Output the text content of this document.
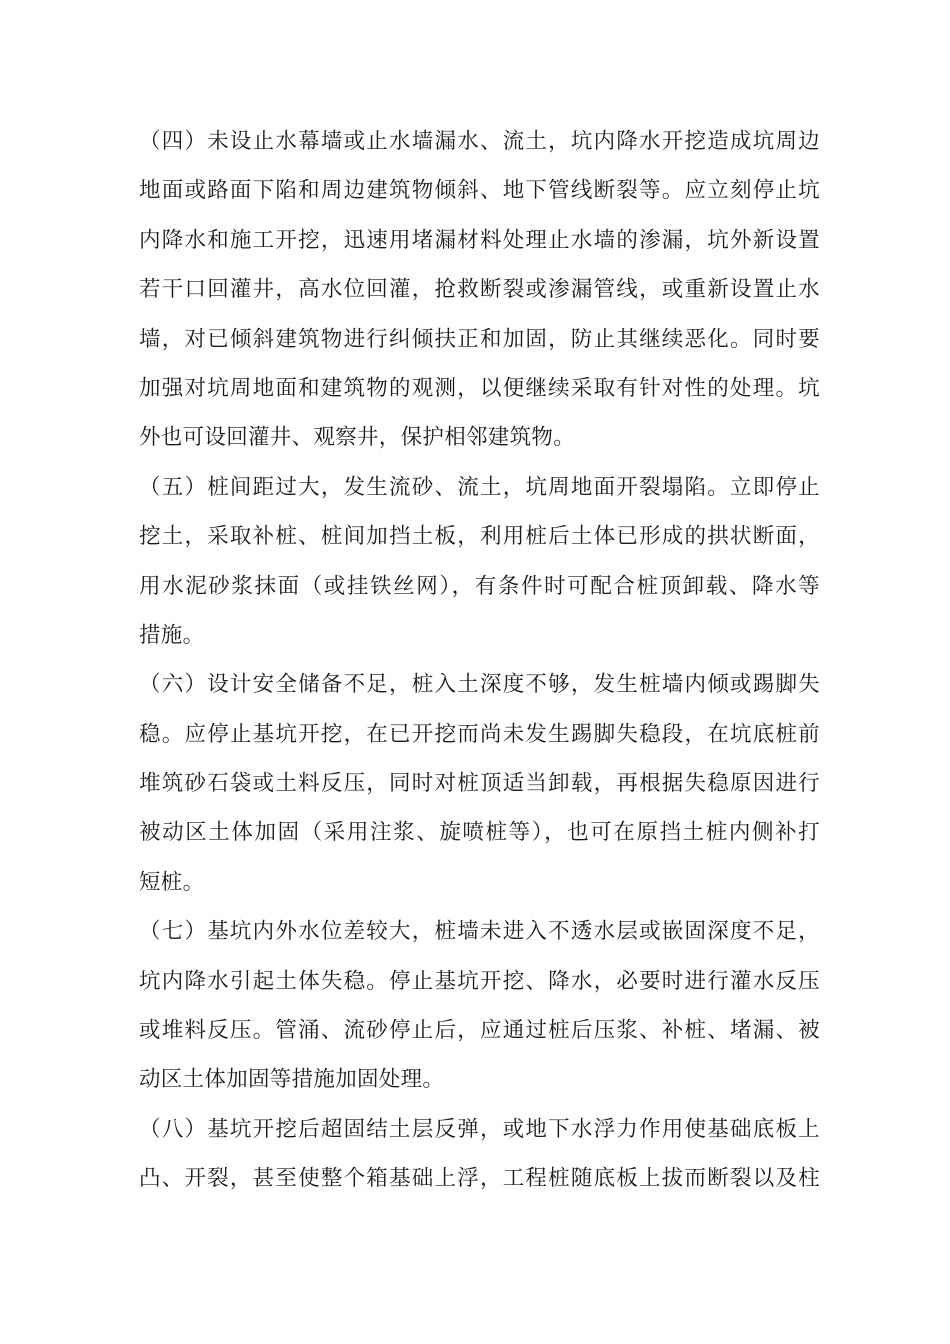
（四）未设止水幕墙或止水墙漏水、流土，坑内降水开挖造成坑周边
地面或路面下陷和周边建筑物倾斜、地下管线断裂等。应立刻停止坑
内降水和施工开挖，迅速用堵漏材料处理止水墙的渗漏，坑外新设置
若干口回灌井，高水位回灌，抢救断裂或渗漏管线，或重新设置止水
墙，对已倾斜建筑物进行纠倾扶正和加固，防止其继续恶化。同时要
加强对坑周地面和建筑物的观测，以便继续采取有针对性的处理。坑
外也可设回灌井、观察井，保护相邻建筑物。

（五）桩间距过大，发生流砂、流土，坑周地面开裂塌陷。立即停止
挖土，采取补桩、桩间加挡土板，利用桩后土体已形成的拱状断面，
用水泥砂浆抹面（或挂铁丝网），有条件时可配合桩顶卸载、降水等
措施。

（六）设计安全储备不足，桩入土深度不够，发生桩墙内倾或踢脚失
稳。应停止基坑开挖，在已开挖而尚未发生踢脚失稳段，在坑底桩前
堆筑砂石袋或土料反压，同时对桩顶适当卸载，再根据失稳原因进行
被动区土体加固（采用注浆、旋喷桩等），也可在原挡土桩内侧补打
短桩。

（七）基坑内外水位差较大，桩墙未进入不透水层或嵌固深度不足，
坑内降水引起土体失稳。停止基坑开挖、降水，必要时进行灌水反压
或堆料反压。管涌、流砂停止后，应通过桩后压浆、补桩、堵漏、被
动区土体加固等措施加固处理。

（八）基坑开挖后超固结土层反弹，或地下水浮力作用使基础底板上
凸、开裂，甚至使整个箱基础上浮，工程桩随底板上拔而断裂以及柱
